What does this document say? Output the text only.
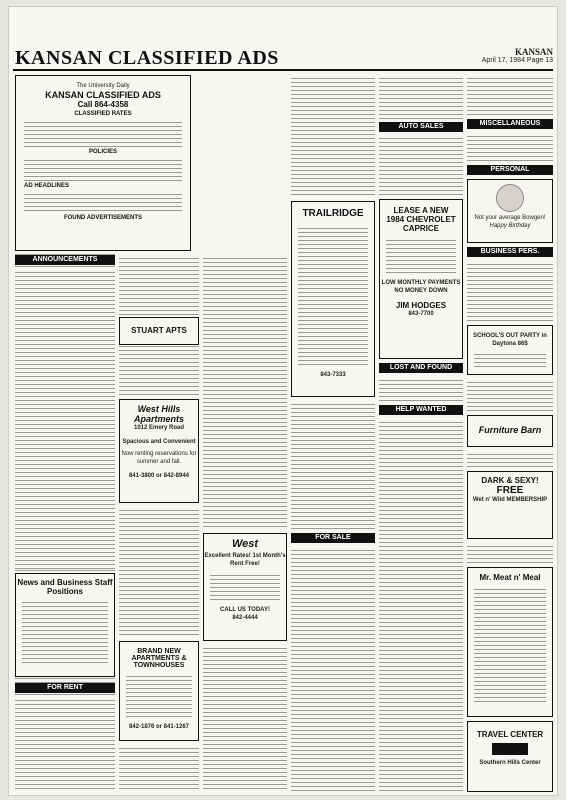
KANSAN CLASSIFIED ADS	KANSAN
April 17, 1984 Page 13
The University Daily
KANSAN CLASSIFIED ADS
Call 864-4358
CLASSIFIED RATES
POLICIES
AD HEADLINES
FOUND ADVERTISEMENTS
ANNOUNCEMENTS
News and Business Staff Positions
FOR RENT
STUART APTS
West Hills Apartments
1012 Emery Road
Spacious and Convenient
Now renting reservations for summer and fall.
841-3800 or 842-8944
BRAND NEW APARTMENTS & TOWNHOUSES
842-1876 or 841-1267
West
Excellent Rates! 1st Month's Rent Free!
CALL US TODAY!
842-4444
TRAILRIDGE
843-7333
FOR SALE
AUTO SALES
LEASE A NEW 1984 CHEVROLET CAPRICE
LOW MONTHLY PAYMENTS NO MONEY DOWN
JIM HODGES
843-7700
LOST AND FOUND
HELP WANTED
MISCELLANEOUS
PERSONAL
Not your average Bowgen!
Happy Birthday
BUSINESS PERS.
SCHOOL'S OUT PARTY in Daytona 86$
Furniture Barn
DARK & SEXY!
FREE
Wet n' Wild MEMBERSHIP
Mr. Meat n' Meal
TRAVEL CENTER
Southern Hills Center
